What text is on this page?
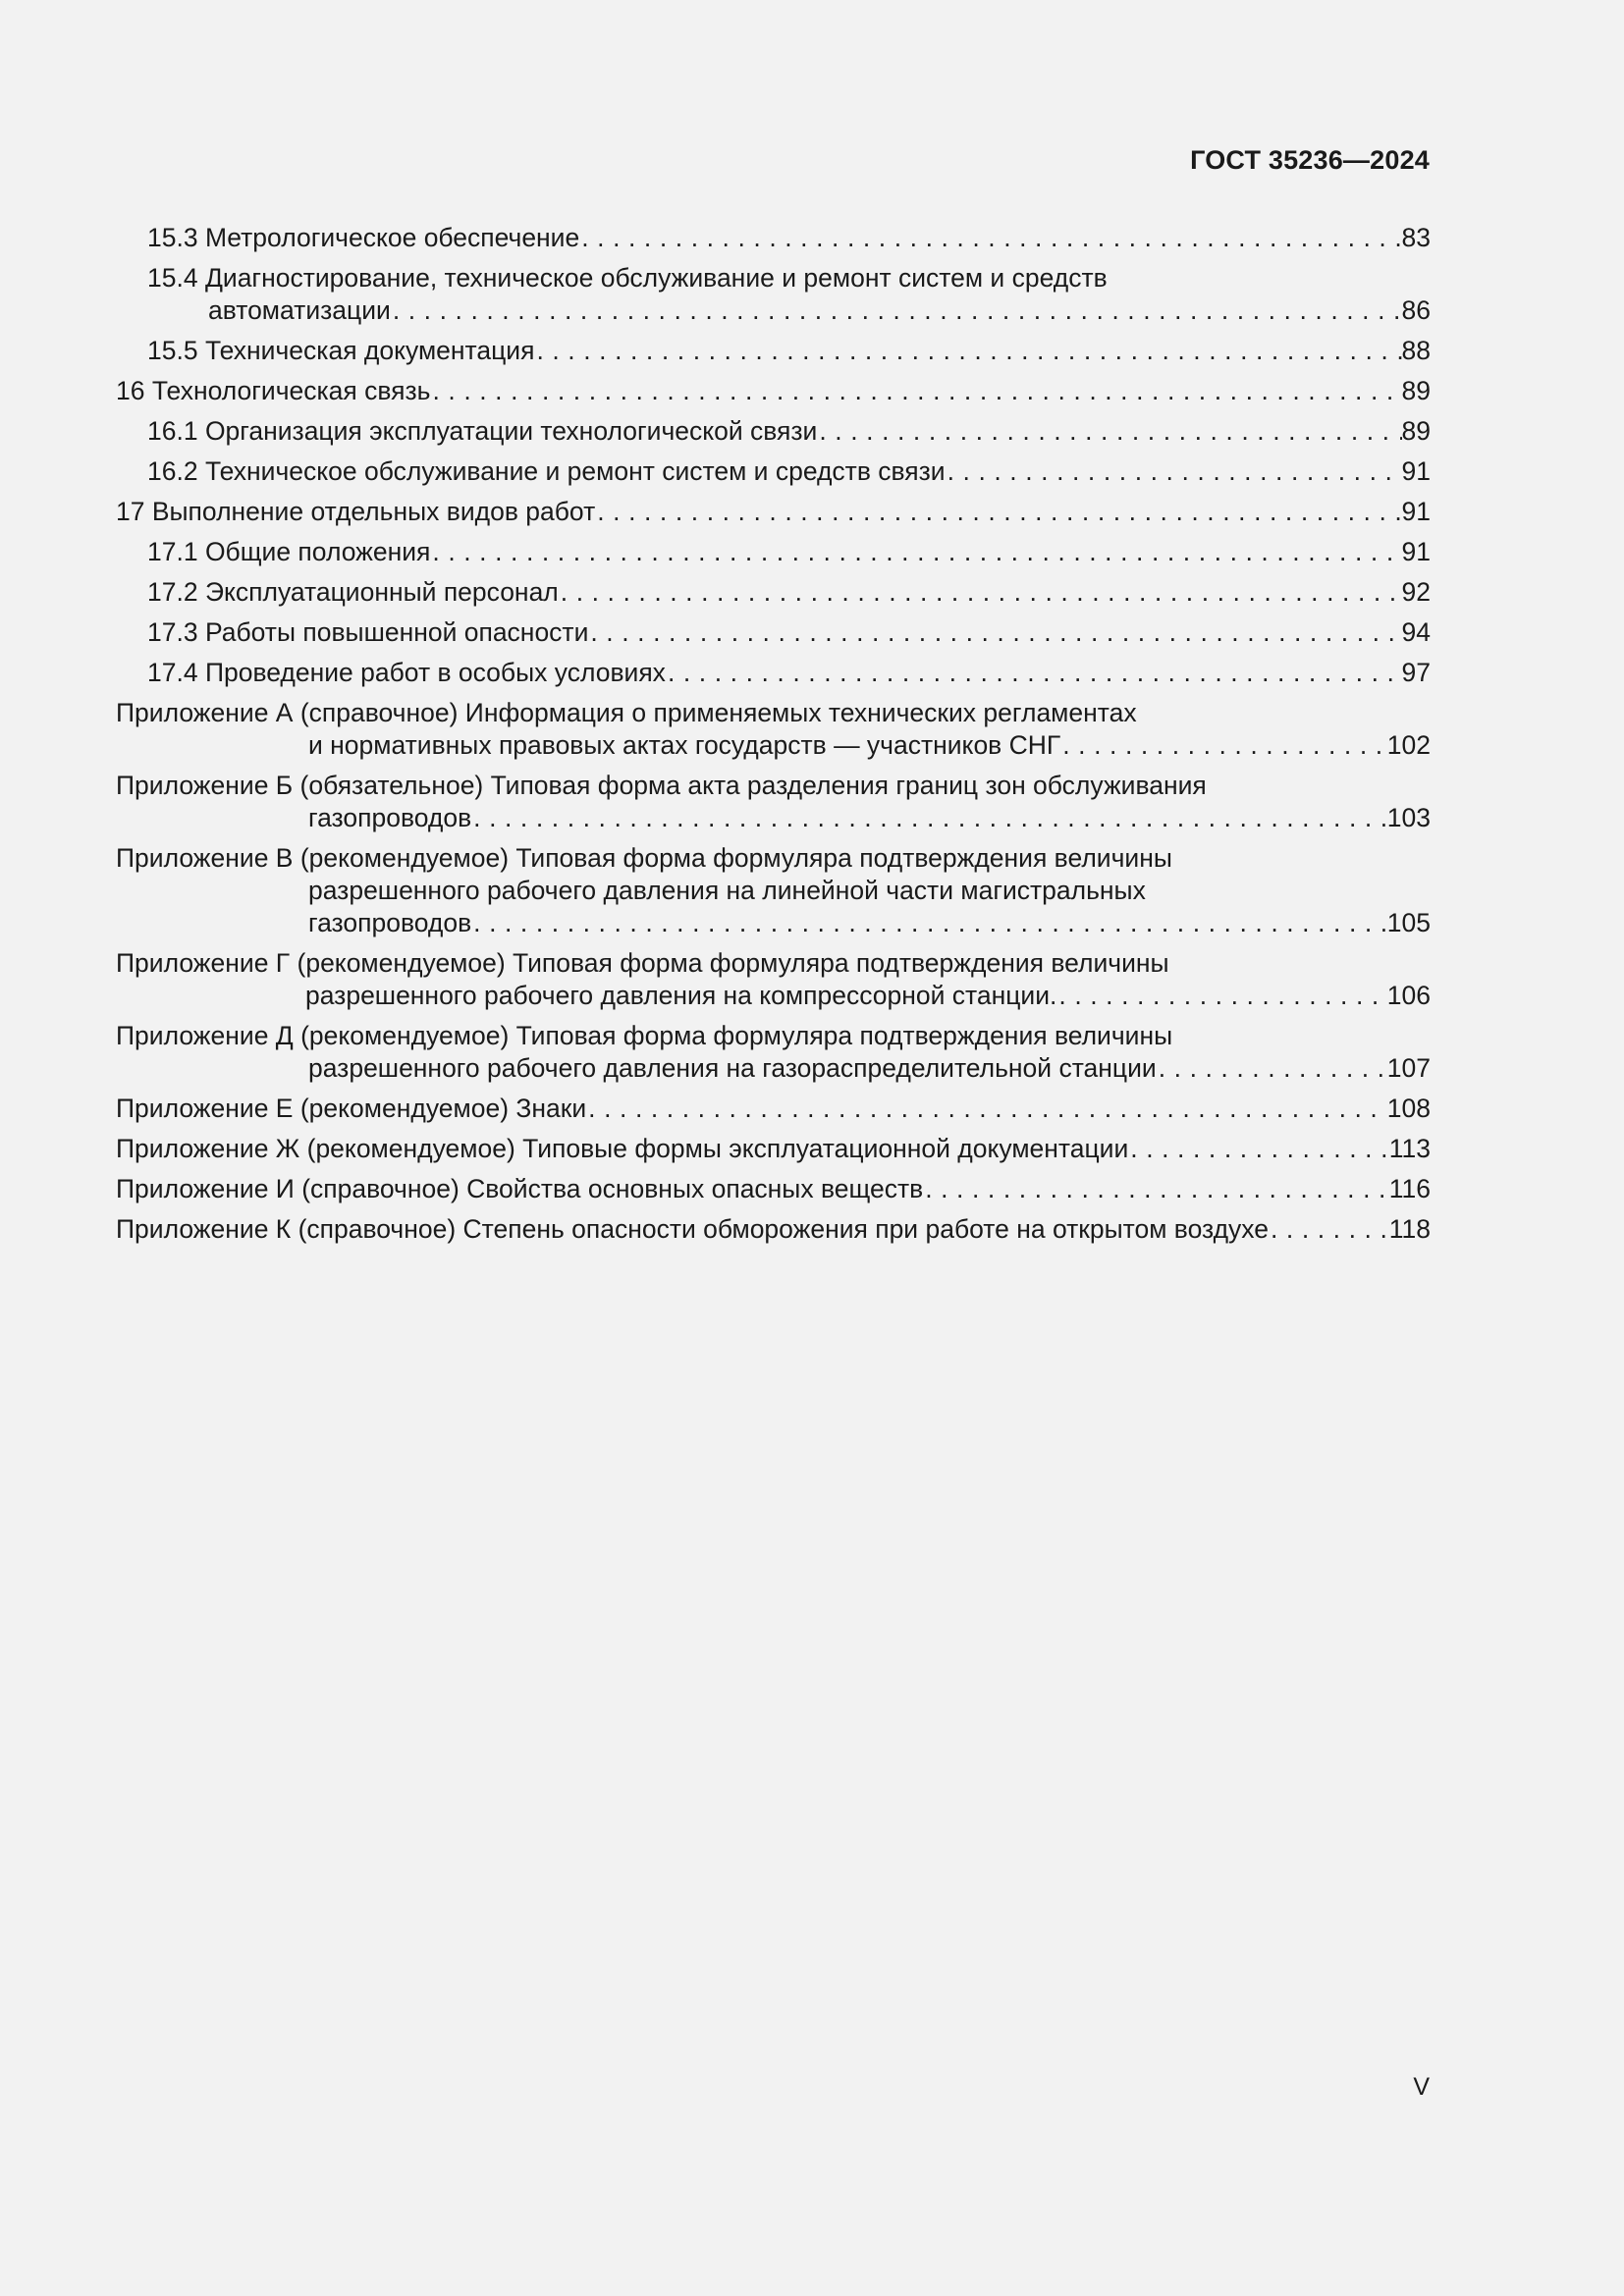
ГОСТ 35236—2024
15.3 Метрологическое обеспечение . . .	83
15.4 Диагностирование, техническое обслуживание и ремонт систем и средств
автоматизации . . .	86
15.5 Техническая документация . . .	88
16 Технологическая связь . . .	89
16.1 Организация эксплуатации технологической связи . . .	89
16.2 Техническое обслуживание и ремонт систем и средств связи . . .	91
17 Выполнение отдельных видов работ . . .	91
17.1 Общие положения . . .	91
17.2 Эксплуатационный персонал . . .	92
17.3 Работы повышенной опасности . . .	94
17.4 Проведение работ в особых условиях . . .	97
Приложение А (справочное) Информация о применяемых технических регламентах
и нормативных правовых актах государств — участников СНГ . . .	102
Приложение Б (обязательное) Типовая форма акта разделения границ зон обслуживания
газопроводов . . .	103
Приложение В (рекомендуемое) Типовая форма формуляра подтверждения величины
разрешенного рабочего давления на линейной части магистральных
газопроводов . . .	105
Приложение Г (рекомендуемое) Типовая форма формуляра подтверждения величины
разрешенного рабочего давления на компрессорной станции. . . .	106
Приложение Д (рекомендуемое) Типовая форма формуляра подтверждения величины
разрешенного рабочего давления на газораспределительной станции . . .	107
Приложение Е (рекомендуемое) Знаки . . .	108
Приложение Ж (рекомендуемое) Типовые формы эксплуатационной документации . . .	113
Приложение И (справочное) Свойства основных опасных веществ . . .	116
Приложение К (справочное) Степень опасности обморожения при работе на открытом воздухе . . .	118
V
